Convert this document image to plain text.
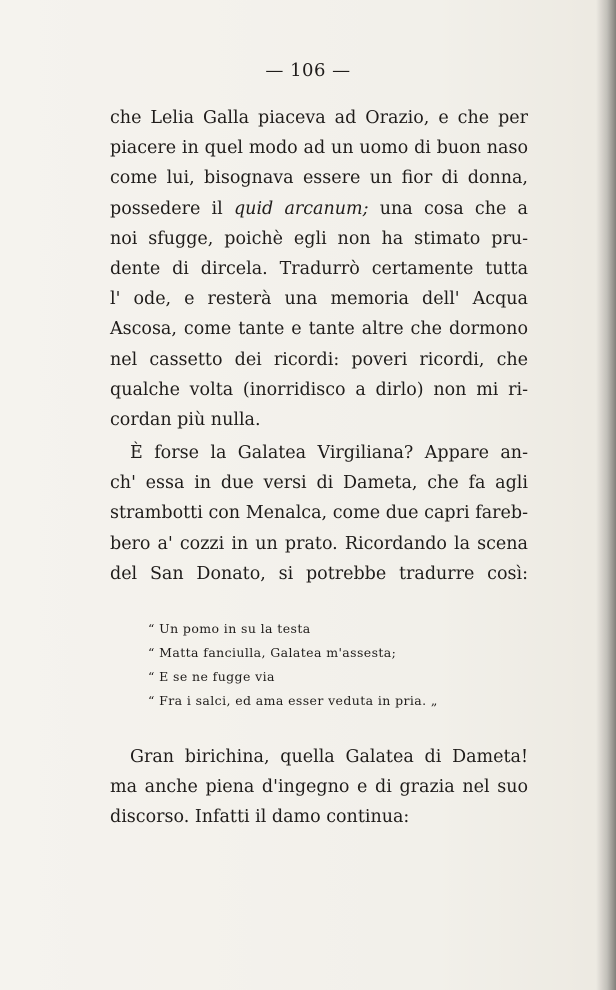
— 106 —
che Lelia Galla piaceva ad Orazio, e che per
piacere in quel modo ad un uomo di buon naso
come lui, bisognava essere un fior di donna,
possedere il quid arcanum; una cosa che a
noi sfugge, poichè egli non ha stimato pru-
dente di dircela. Tradurrò certamente tutta
l' ode, e resterà una memoria dell' Acqua
Ascosa, come tante e tante altre che dormono
nel cassetto dei ricordi: poveri ricordi, che
qualche volta (inorridisco a dirlo) non mi ri-
cordan più nulla.
È forse la Galatea Virgiliana? Appare an-
ch' essa in due versi di Dameta, che fa agli
strambotti con Menalca, come due capri fareb-
bero a' cozzi in un prato. Ricordando la scena
del San Donato, si potrebbe tradurre così:
“ Un pomo in su la testa
“ Matta fanciulla, Galatea m'assesta;
“ E se ne fugge via
“ Fra i salci, ed ama esser veduta in pria. „
Gran birichina, quella Galatea di Dameta!
ma anche piena d'ingegno e di grazia nel suo
discorso. Infatti il damo continua:
